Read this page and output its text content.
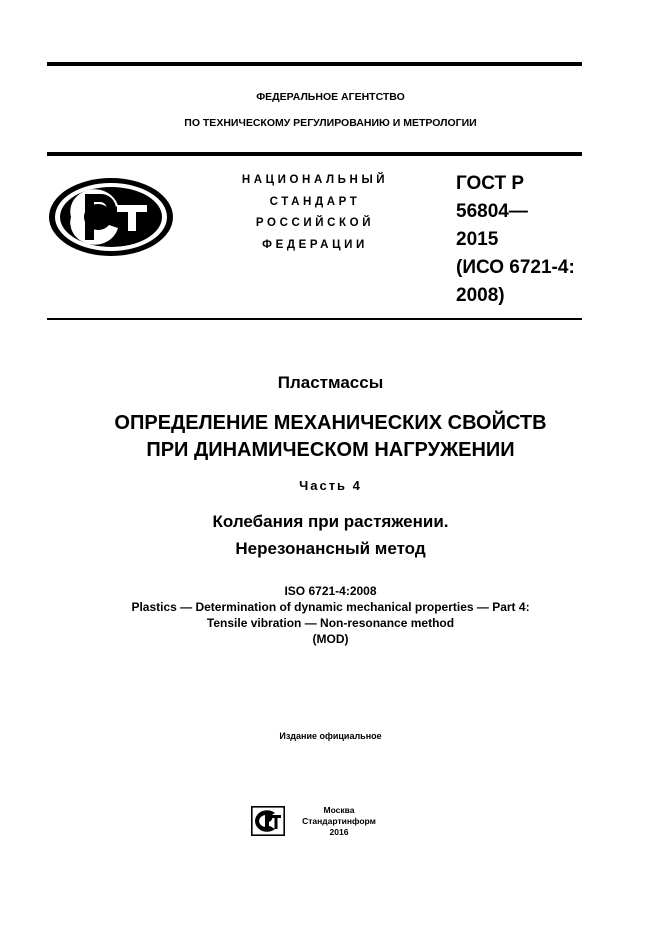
ФЕДЕРАЛЬНОЕ АГЕНТСТВО
ПО ТЕХНИЧЕСКОМУ РЕГУЛИРОВАНИЮ И МЕТРОЛОГИИ
НАЦИОНАЛЬНЫЙ
СТАНДАРТ
РОССИЙСКОЙ
ФЕДЕРАЦИИ
ГОСТ Р
56804—
2015
(ИСО 6721-4:
2008)
Пластмассы
ОПРЕДЕЛЕНИЕ МЕХАНИЧЕСКИХ СВОЙСТВ
ПРИ ДИНАМИЧЕСКОМ НАГРУЖЕНИИ
Часть 4
Колебания при растяжении.
Нерезонансный метод
ISO 6721-4:2008
Plastics — Determination of dynamic mechanical properties — Part 4:
Tensile vibration — Non-resonance method
(MOD)
Издание официальное
Москва
Стандартинформ
2016
